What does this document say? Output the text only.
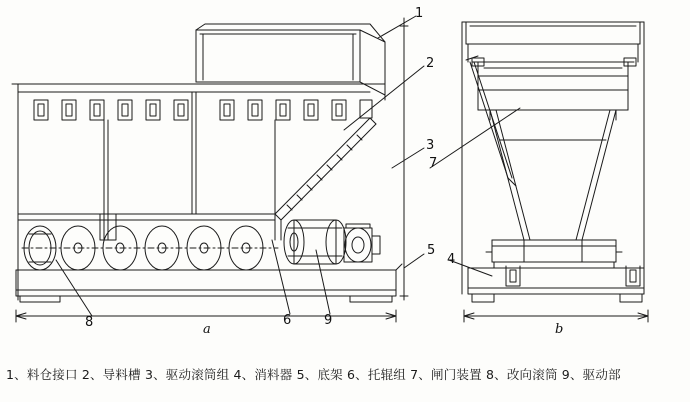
1
2
3
4
5
6
7
8	9
a	b
1、料仓接口 2、导料槽 3、驱动滚筒组 4、消料器 5、底架 6、托辊组 7、闸门装置 8、改向滚筒 9、驱动部
